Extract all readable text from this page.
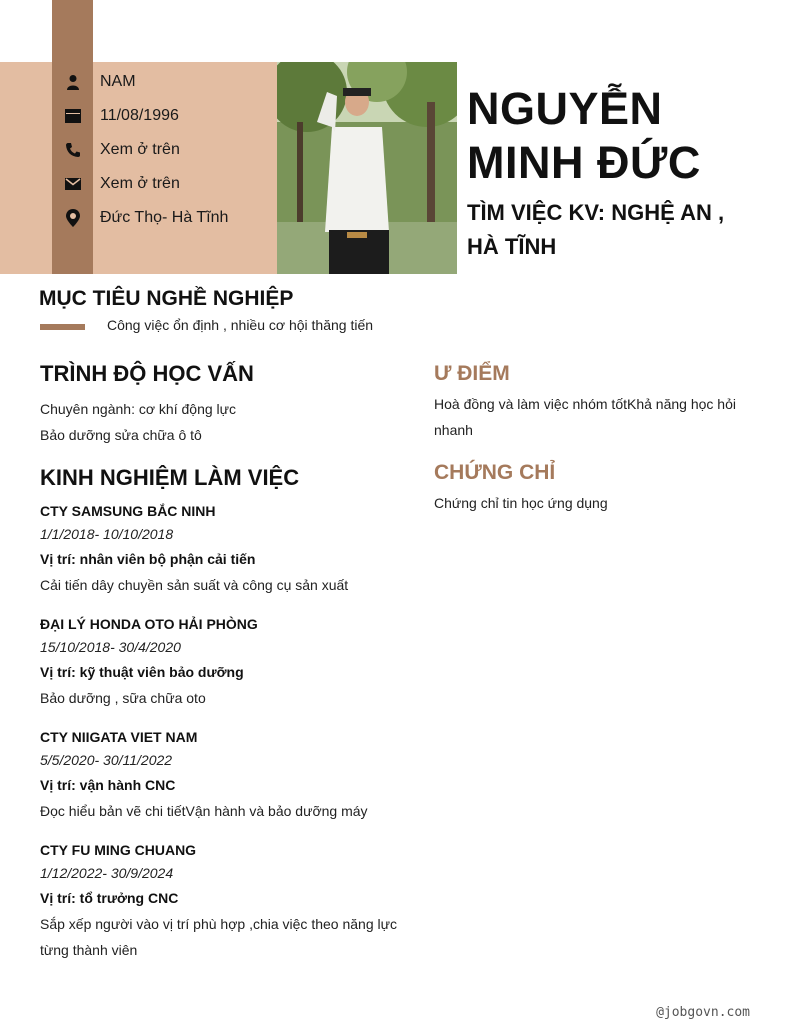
NAM
11/08/1996
Xem ở trên
Xem ở trên
Đức Thọ- Hà Tĩnh
NGUYỄN
MINH ĐỨC
TÌM VIỆC KV: NGHỆ AN , HÀ TĨNH
MỤC TIÊU NGHỀ NGHIỆP
Công việc ổn định , nhiều cơ hội thăng tiến
TRÌNH ĐỘ HỌC VẤN
Chuyên ngành: cơ khí động lực
Bảo dưỡng sửa chữa ô tô
KINH NGHIỆM LÀM VIỆC
CTY SAMSUNG BẮC NINH
1/1/2018- 10/10/2018
Vị trí: nhân viên bộ phận cải tiến
Cải tiến dây chuyền sản suất và công cụ sản xuất
ĐẠI LÝ HONDA OTO HẢI PHÒNG
15/10/2018- 30/4/2020
Vị trí: kỹ thuật viên bảo dưỡng
Bảo dưỡng , sữa chữa oto
CTY NIIGATA VIET NAM
5/5/2020- 30/11/2022
Vị trí: vận hành CNC
Đọc hiểu bản vẽ chi tiếtVận hành và bảo dưỡng máy
CTY FU MING CHUANG
1/12/2022- 30/9/2024
Vị trí: tổ trưởng CNC
Sắp xếp người vào vị trí phù hợp ,chia việc theo năng lực từng thành viên
Ư ĐIỂM
Hoà đồng và làm việc nhóm tốtKhả năng học hỏi nhanh
CHỨNG CHỈ
Chứng chỉ tin học ứng dụng
@jobgovn.com
